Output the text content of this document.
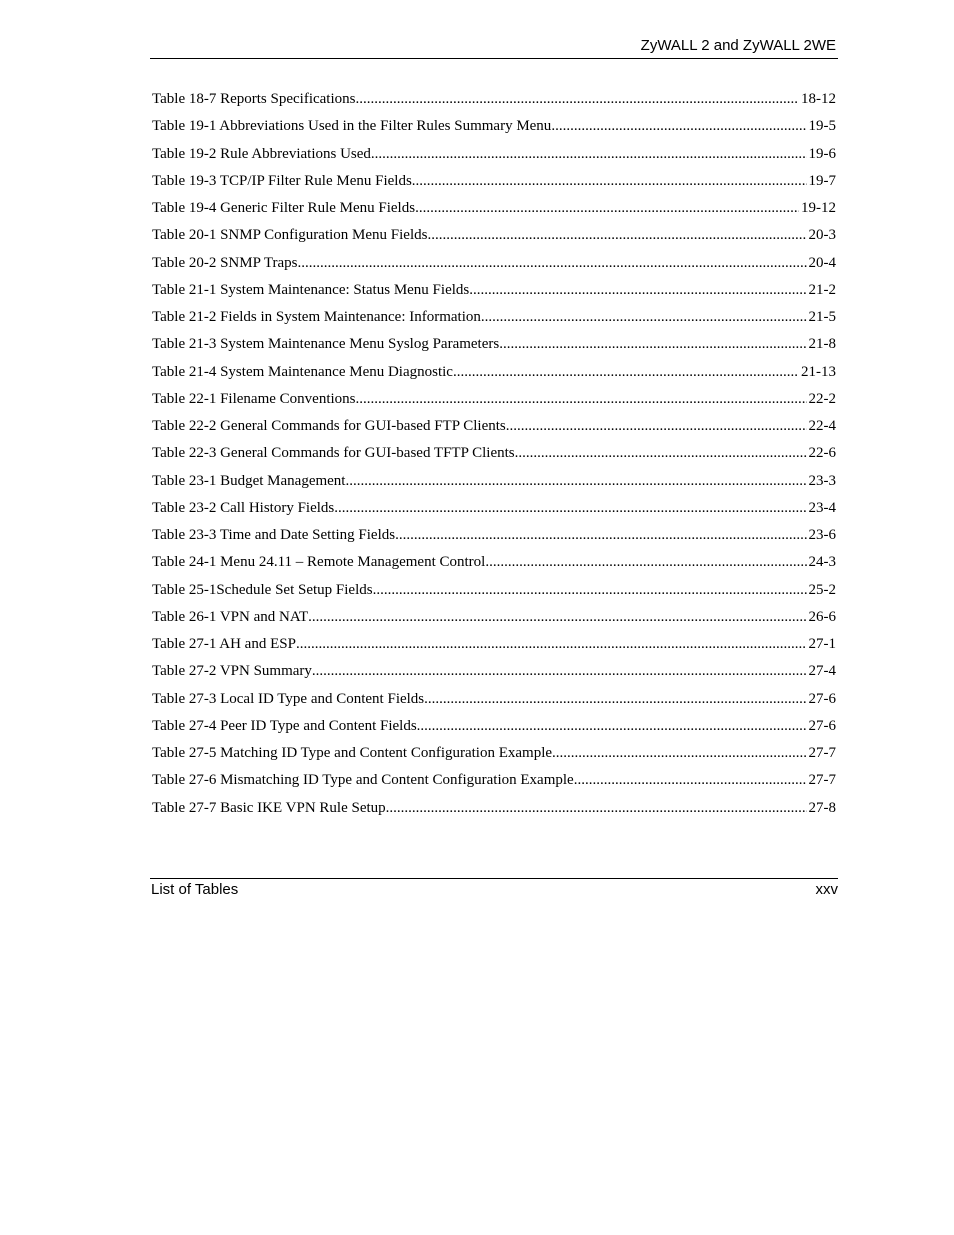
ZyWALL 2 and ZyWALL 2WE
Table 18-7 Reports Specifications .....	18-12
Table 19-1 Abbreviations Used in the Filter Rules Summary Menu .....	19-5
Table 19-2 Rule Abbreviations Used .....	19-6
Table 19-3 TCP/IP Filter Rule Menu Fields .....	19-7
Table 19-4 Generic Filter Rule Menu Fields .....	19-12
Table 20-1 SNMP Configuration Menu Fields .....	20-3
Table 20-2 SNMP Traps .....	20-4
Table 21-1 System Maintenance: Status Menu Fields .....	21-2
Table 21-2 Fields in System Maintenance: Information .....	21-5
Table 21-3 System Maintenance Menu Syslog Parameters .....	21-8
Table 21-4 System Maintenance Menu Diagnostic .....	21-13
Table 22-1 Filename Conventions .....	22-2
Table 22-2 General Commands for GUI-based FTP Clients .....	22-4
Table 22-3 General Commands for GUI-based TFTP Clients .....	22-6
Table 23-1 Budget Management .....	23-3
Table 23-2 Call History Fields .....	23-4
Table 23-3 Time and Date Setting Fields .....	23-6
Table 24-1 Menu 24.11 – Remote Management Control .....	24-3
Table 25-1Schedule Set Setup Fields .....	25-2
Table 26-1 VPN and NAT .....	26-6
Table 27-1 AH and ESP .....	27-1
Table 27-2 VPN Summary .....	27-4
Table 27-3 Local ID Type and Content Fields .....	27-6
Table 27-4 Peer ID Type and Content Fields .....	27-6
Table 27-5 Matching ID Type and Content Configuration Example .....	27-7
Table 27-6 Mismatching ID Type and Content Configuration Example .....	27-7
Table 27-7 Basic IKE VPN Rule Setup .....	27-8
List of Tables	xxv
